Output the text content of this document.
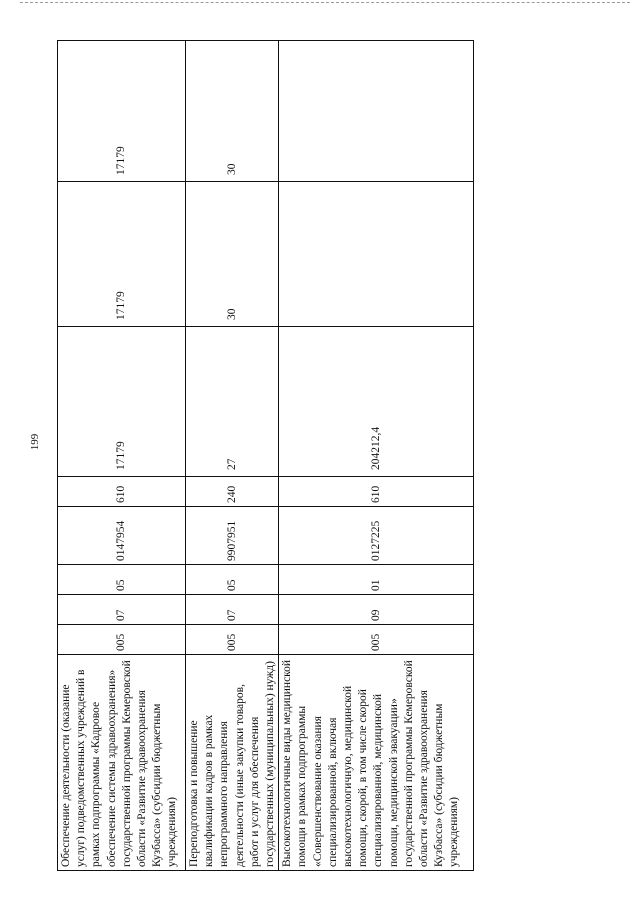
199
Обеспечение деятельности (оказание услуг) подведомственных учреждений в рамках подпрограммы «Кадровое обеспечение системы здравоохранения» государственной программы Кемеровской области «Развитие здравоохранения Кузбасса» (субсидии бюджетным учреждениям)	005	07	05	0147954	610	17179	17179	17179
Переподготовка и повышение квалификации кадров в рамках непрограммного направления деятельности (иные закупки товаров, работ и услуг для обеспечения государственных (муниципальных) нужд)	005	07	05	9907951	240	27	30	30
Высокотехнологичные виды медицинской помощи в рамках подпрограммы «Совершенствование оказания специализированной, включая высокотехнологичную, медицинской помощи, скорой, в том числе скорой специализированной, медицинской помощи, медицинской эвакуации» государственной программы Кемеровской области «Развитие здравоохранения Кузбасса» (субсидии бюджетным учреждениям)	005	09	01	0127225	610	204212,4		
